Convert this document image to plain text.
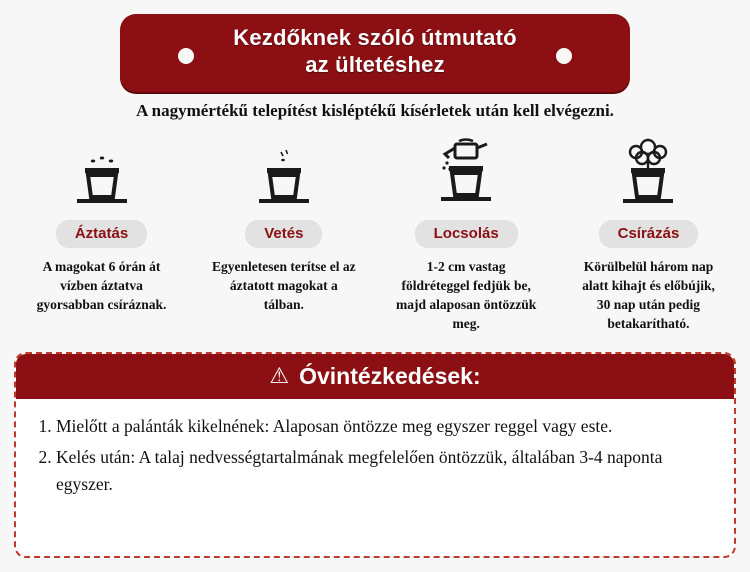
Kezdőknek szóló útmutató
az ültetéshez
A nagymértékű telepítést kisléptékű kísérletek után kell elvégezni.
Áztatás
A magokat 6 órán át vízben áztatva gyorsabban csíráznak.
Vetés
Egyenletesen terítse el az áztatott magokat a tálban.
Locsolás
1-2 cm vastag földréteggel fedjük be, majd alaposan öntözzük meg.
Csírázás
Körülbelül három nap alatt kihajt és előbújik, 30 nap után pedig betakarítható.
⚠ Óvintézkedések:
1. Mielőtt a palánták kikelnének: Alaposan öntözze meg egyszer reggel vagy este.
2. Kelés után: A talaj nedvességtartalmának megfelelően öntözzük, általában 3-4 naponta egyszer.
